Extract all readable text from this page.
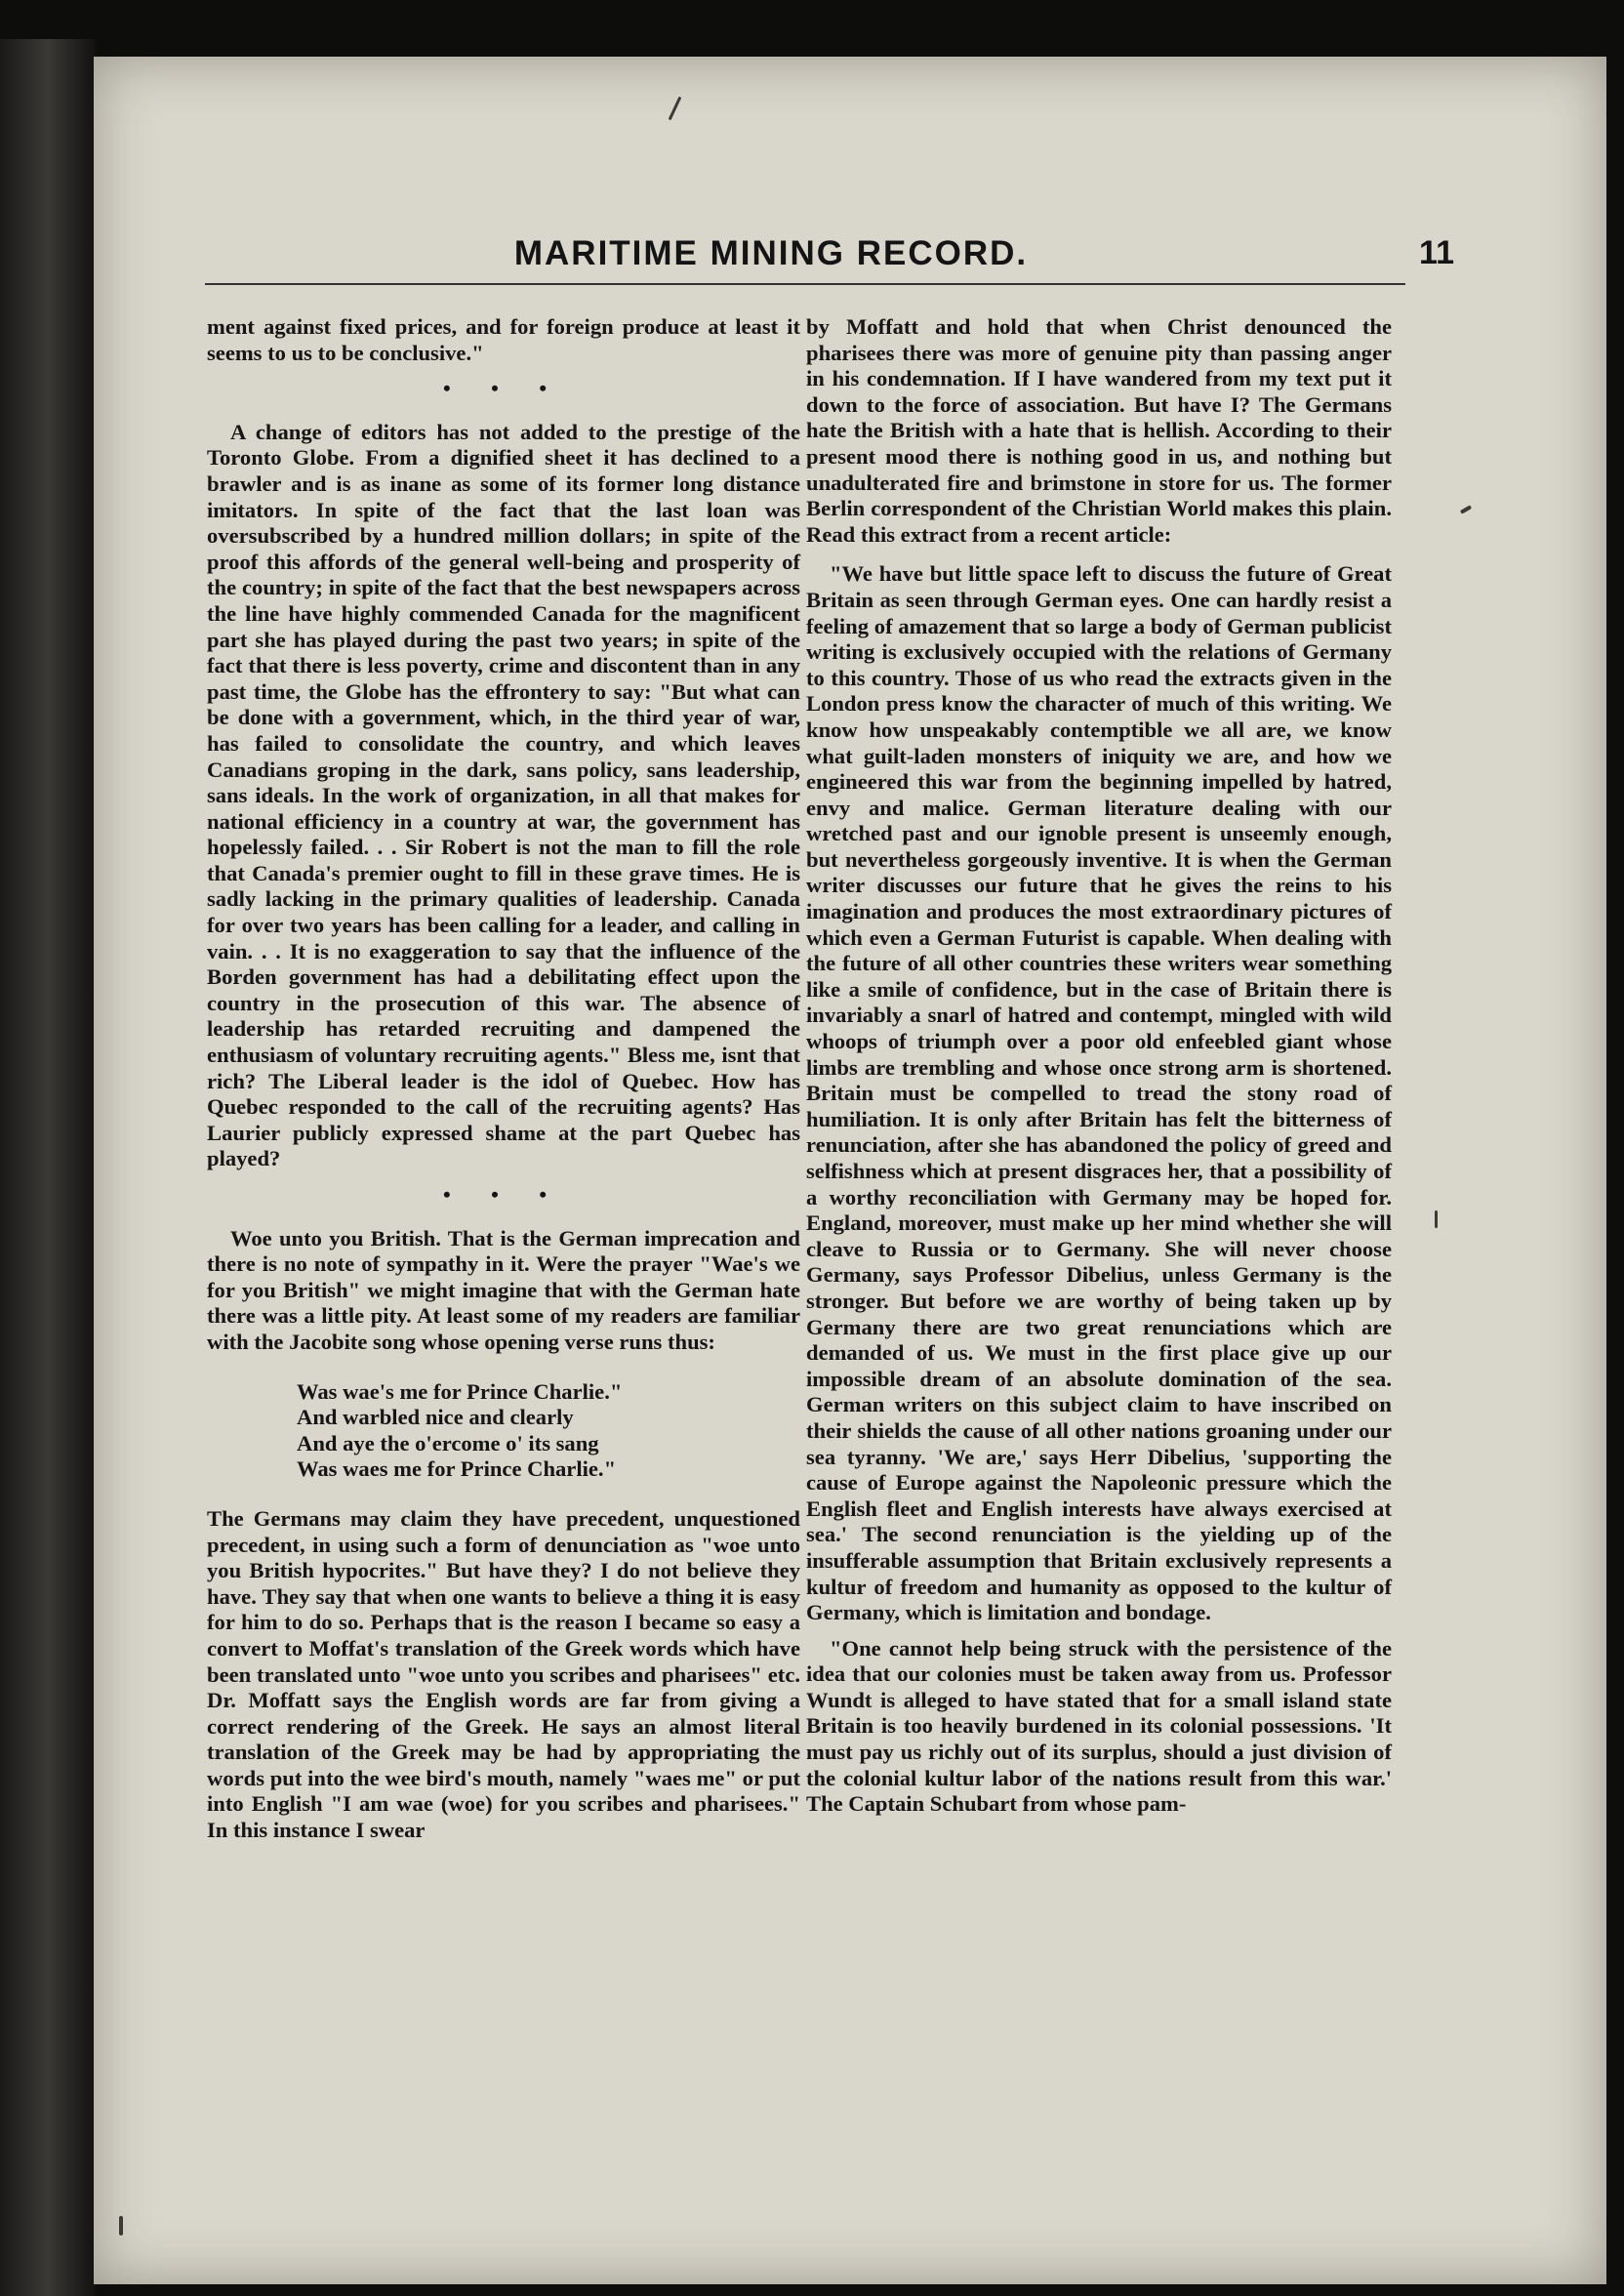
MARITIME MINING RECORD.	11

ment against fixed prices, and for foreign produce at least it seems to us to be conclusive."

• • •

A change of editors has not added to the prestige of the Toronto Globe. From a dignified sheet it has declined to a brawler and is as inane as some of its former long distance imitators. In spite of the fact that the last loan was oversubscribed by a hundred million dollars; in spite of the proof this affords of the general well-being and prosperity of the country; in spite of the fact that the best newspapers across the line have highly commended Canada for the magnificent part she has played during the past two years; in spite of the fact that there is less poverty, crime and discontent than in any past time, the Globe has the effrontery to say: "But what can be done with a government, which, in the third year of war, has failed to consolidate the country, and which leaves Canadians groping in the dark, sans policy, sans leadership, sans ideals. In the work of organization, in all that makes for national efficiency in a country at war, the government has hopelessly failed. . . Sir Robert is not the man to fill the role that Canada's premier ought to fill in these grave times. He is sadly lacking in the primary qualities of leadership. Canada for over two years has been calling for a leader, and calling in vain. . . It is no exaggeration to say that the influence of the Borden government has had a debilitating effect upon the country in the prosecution of this war. The absence of leadership has retarded recruiting and dampened the enthusiasm of voluntary recruiting agents." Bless me, isnt that rich? The Liberal leader is the idol of Quebec. How has Quebec responded to the call of the recruiting agents? Has Laurier publicly expressed shame at the part Quebec has played?

• • •

Woe unto you British. That is the German imprecation and there is no note of sympathy in it. Were the prayer "Wae's we for you British" we might imagine that with the German hate there was a little pity. At least some of my readers are familiar with the Jacobite song whose opening verse runs thus:

Was wae's me for Prince Charlie."
And warbled nice and clearly
And aye the o'ercome o' its sang
Was waes me for Prince Charlie."

The Germans may claim they have precedent, unquestioned precedent, in using such a form of denunciation as "woe unto you British hypocrites." But have they? I do not believe they have. They say that when one wants to believe a thing it is easy for him to do so. Perhaps that is the reason I became so easy a convert to Moffat's translation of the Greek words which have been translated unto "woe unto you scribes and pharisees" etc. Dr. Moffatt says the English words are far from giving a correct rendering of the Greek. He says an almost literal translation of the Greek may be had by appropriating the words put into the wee bird's mouth, namely "waes me" or put into English "I am wae (woe) for you scribes and pharisees." In this instance I swear

by Moffatt and hold that when Christ denounced the pharisees there was more of genuine pity than passing anger in his condemnation. If I have wandered from my text put it down to the force of association. But have I? The Germans hate the British with a hate that is hellish. According to their present mood there is nothing good in us, and nothing but unadulterated fire and brimstone in store for us. The former Berlin correspondent of the Christian World makes this plain. Read this extract from a recent article:

"We have but little space left to discuss the future of Great Britain as seen through German eyes. One can hardly resist a feeling of amazement that so large a body of German publicist writing is exclusively occupied with the relations of Germany to this country. Those of us who read the extracts given in the London press know the character of much of this writing. We know how unspeakably contemptible we all are, we know what guilt-laden monsters of iniquity we are, and how we engineered this war from the beginning impelled by hatred, envy and malice. German literature dealing with our wretched past and our ignoble present is unseemly enough, but nevertheless gorgeously inventive. It is when the German writer discusses our future that he gives the reins to his imagination and produces the most extraordinary pictures of which even a German Futurist is capable. When dealing with the future of all other countries these writers wear something like a smile of confidence, but in the case of Britain there is invariably a snarl of hatred and contempt, mingled with wild whoops of triumph over a poor old enfeebled giant whose limbs are trembling and whose once strong arm is shortened. Britain must be compelled to tread the stony road of humiliation. It is only after Britain has felt the bitterness of renunciation, after she has abandoned the policy of greed and selfishness which at present disgraces her, that a possibility of a worthy reconciliation with Germany may be hoped for. England, moreover, must make up her mind whether she will cleave to Russia or to Germany. She will never choose Germany, says Professor Dibelius, unless Germany is the stronger. But before we are worthy of being taken up by Germany there are two great renunciations which are demanded of us. We must in the first place give up our impossible dream of an absolute domination of the sea. German writers on this subject claim to have inscribed on their shields the cause of all other nations groaning under our sea tyranny. 'We are,' says Herr Dibelius, 'supporting the cause of Europe against the Napoleonic pressure which the English fleet and English interests have always exercised at sea.' The second renunciation is the yielding up of the insufferable assumption that Britain exclusively represents a kultur of freedom and humanity as opposed to the kultur of Germany, which is limitation and bondage.

"One cannot help being struck with the persistence of the idea that our colonies must be taken away from us. Professor Wundt is alleged to have stated that for a small island state Britain is too heavily burdened in its colonial possessions. 'It must pay us richly out of its surplus, should a just division of the colonial kultur labor of the nations result from this war.' The Captain Schubart from whose pam-
